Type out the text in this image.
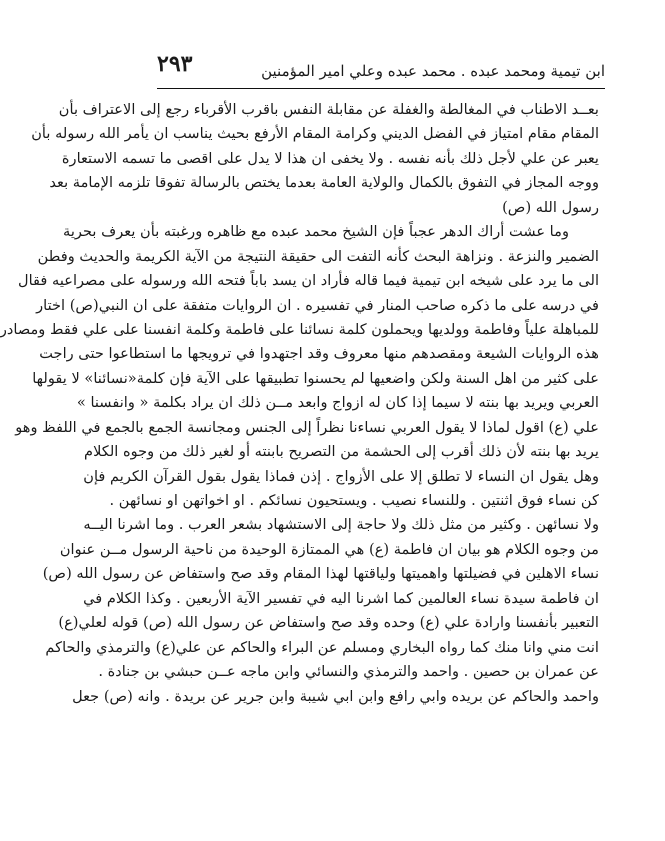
٢٩٣	ابن تيمية ومحمد عبده . محمد عبده وعلي امير المؤمنين
بعــد الاطناب في المغالطة والغفلة عن مقابلة النفس باقرب الأقرباء رجع إلى الاعتراف بأن
المقام مقام امتياز في الفضل الديني وكرامة المقام الأرفع بحيث يناسب ان يأمر الله رسوله بأن
يعبر عن علي لأجل ذلك بأنه نفسه . ولا يخفى ان هذا لا يدل على اقصى ما تسمه الاستعارة
ووجه المجاز في التفوق بالكمال والولاية العامة بعدما يختص بالرسالة تفوقا تلزمه الإمامة بعد
رسول الله (ص)
وما عشت أراك الدهر عجباً فإن الشيخ محمد عبده مع ظاهره ورغبته بأن يعرف بحرية
الضمير والنزعة . ونزاهة البحث كأنه التفت الى حقيقة النتيجة من الآية الكريمة والحديث وفطن
الى ما يرد على شيخه ابن تيمية فيما قاله فأراد ان يسد باباً فتحه الله ورسوله على مصراعيه فقال
في درسه على ما ذكره صاحب المنار في تفسيره . ان الروايات متفقة على ان النبي(ص) اختار
للمباهلة علياً وفاطمة وولديها ويحملون كلمة نسائنا على فاطمة وكلمة انفسنا على علي فقط ومصادر
هذه الروايات الشيعة ومقصدهم منها معروف وقد اجتهدوا في ترويجها ما استطاعوا حتى راجت
على كثير من اهل السنة ولكن واضعيها لم يحسنوا تطبيقها على الآية فإن كلمة«نسائنا» لا يقولها
العربي ويريد بها بنته لا سيما إذا كان له ازواج وابعد مــن ذلك ان يراد بكلمة « وانفسنا »
علي (ع) اقول لماذا لا يقول العربي نساءنا نظراً إلى الجنس ومجانسة الجمع بالجمع في اللفظ وهو
يريد بها بنته لأن ذلك أقرب إلى الحشمة من التصريح بابنته أو لغير ذلك من وجوه الكلام
وهل يقول ان النساء لا تطلق إلا على الأزواج . إذن فماذا يقول بقول القرآن الكريم فإن
كن نساء فوق اثنتين . وللنساء نصيب . ويستحيون نسائكم . او اخواتهن او نسائهن .
ولا نسائهن . وكثير من مثل ذلك ولا حاجة إلى الاستشهاد بشعر العرب . وما اشرنا اليــه
من وجوه الكلام هو بيان ان فاطمة (ع) هي الممتازة الوحيدة من ناحية الرسول مــن عنوان
نساء الاهلين في فضيلتها واهميتها ولياقتها لهذا المقام وقد صح واستفاض عن رسول الله (ص)
ان فاطمة سيدة نساء العالمين كما اشرنا اليه في تفسير الآية الأربعين . وكذا الكلام في
التعبير بأنفسنا وارادة علي (ع) وحده وقد صح واستفاض عن رسول الله (ص) قوله لعلي(ع)
انت مني وانا منك كما رواه البخاري ومسلم عن البراء والحاكم عن علي(ع) والترمذي والحاكم
عن عمران بن حصين . واحمد والترمذي والنسائي وابن ماجه عــن حبشي بن جنادة .
واحمد والحاكم عن بريده وابي رافع وابن ابي شيبة وابن جرير عن بريدة . وانه (ص) جعل
